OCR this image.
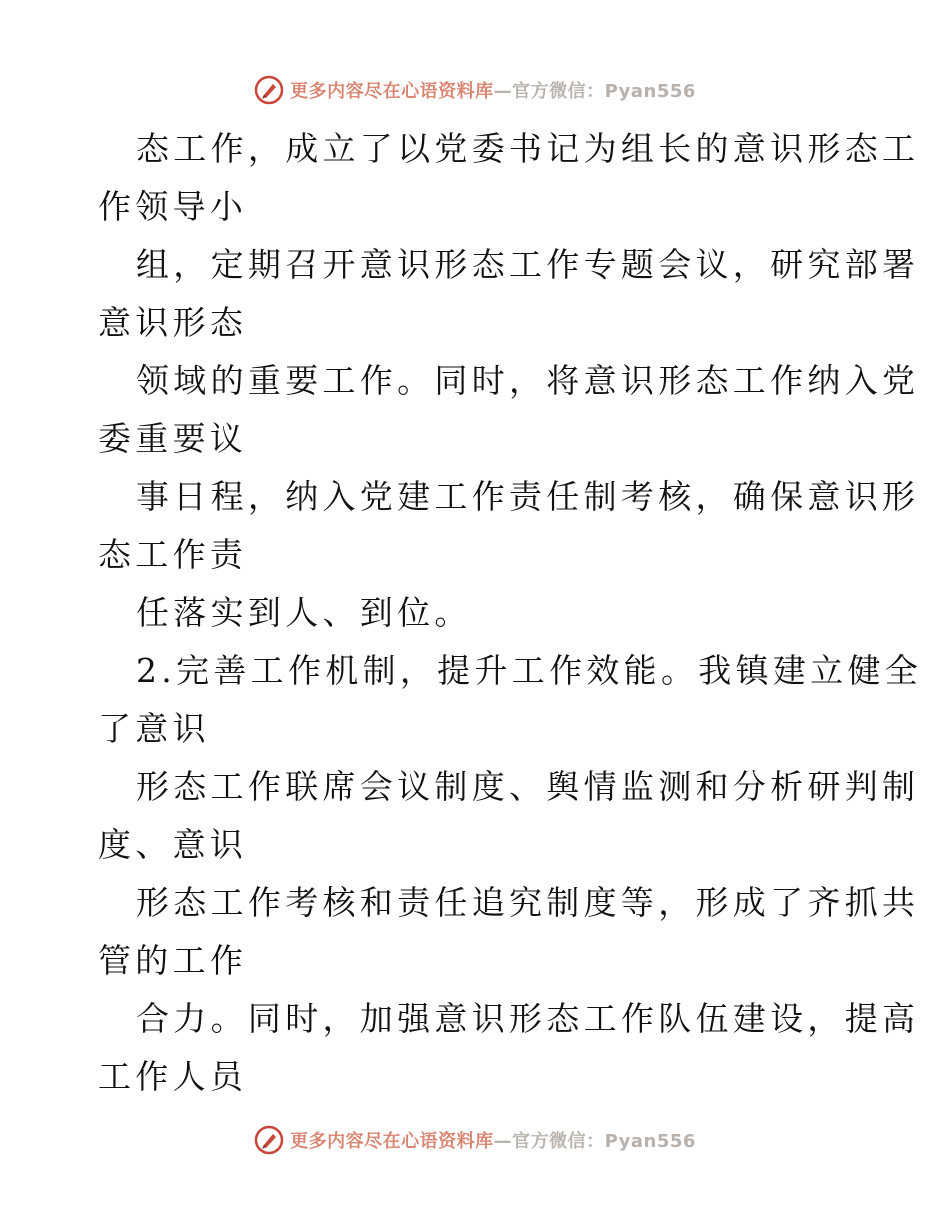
更多内容尽在心语资料库—官方微信：Pyan556
态工作，成立了以党委书记为组长的意识形态工
作领导小
组，定期召开意识形态工作专题会议，研究部署
意识形态
领域的重要工作。同时，将意识形态工作纳入党
委重要议
事日程，纳入党建工作责任制考核，确保意识形
态工作责
任落实到人、到位。
2.完善工作机制，提升工作效能。我镇建立健全
了意识
形态工作联席会议制度、舆情监测和分析研判制
度、意识
形态工作考核和责任追究制度等，形成了齐抓共
管的工作
合力。同时，加强意识形态工作队伍建设，提高
工作人员
更多内容尽在心语资料库—官方微信：Pyan556
